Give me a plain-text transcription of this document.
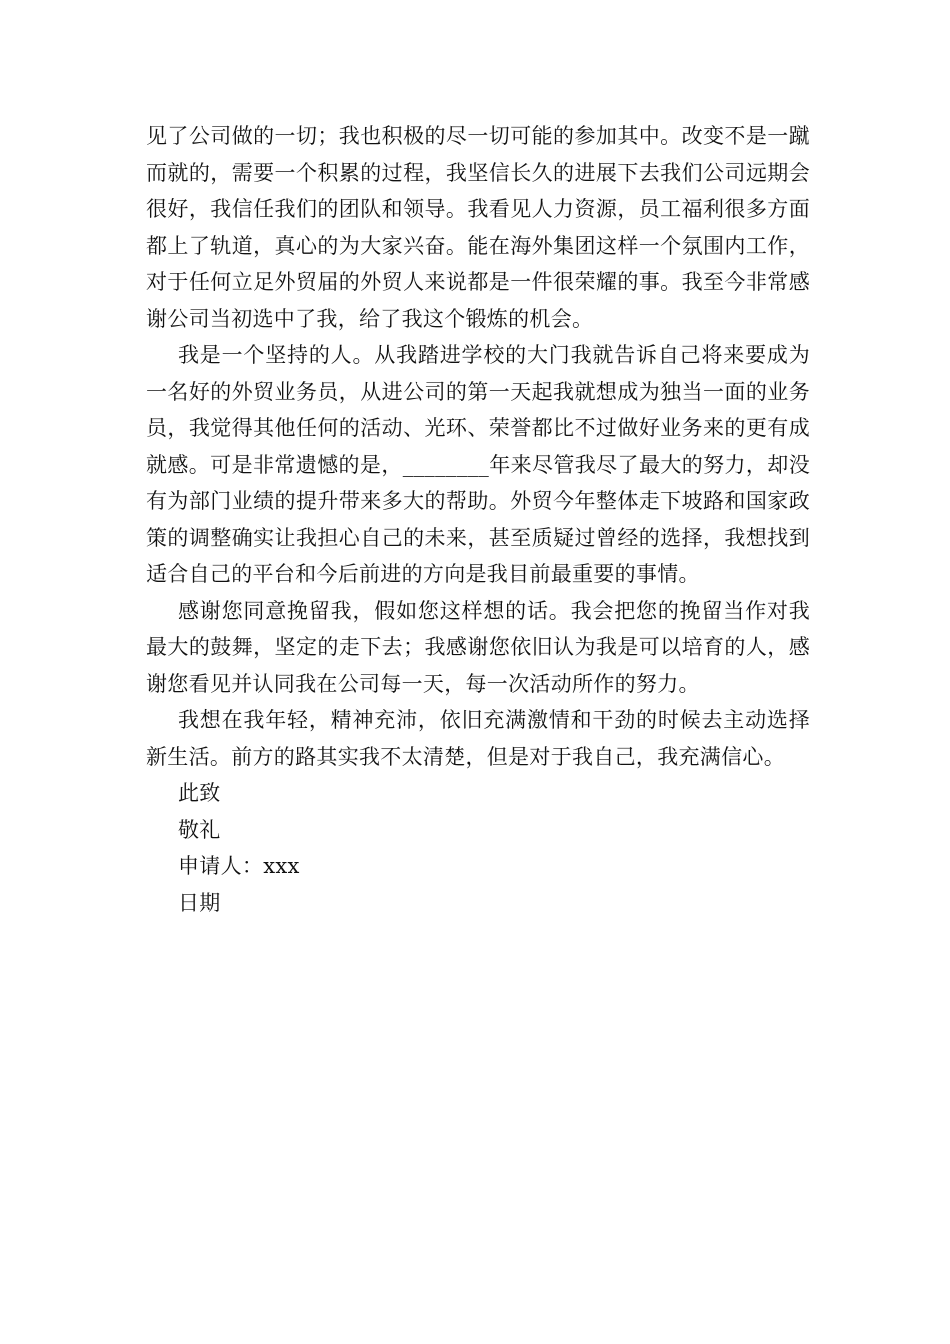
见了公司做的一切；我也积极的尽一切可能的参加其中。改变不是一蹴而就的，需要一个积累的过程，我坚信长久的进展下去我们公司远期会很好，我信任我们的团队和领导。我看见人力资源，员工福利很多方面都上了轨道，真心的为大家兴奋。能在海外集团这样一个氛围内工作，对于任何立足外贸届的外贸人来说都是一件很荣耀的事。我至今非常感谢公司当初选中了我，给了我这个锻炼的机会。

我是一个坚持的人。从我踏进学校的大门我就告诉自己将来要成为一名好的外贸业务员，从进公司的第一天起我就想成为独当一面的业务员，我觉得其他任何的活动、光环、荣誉都比不过做好业务来的更有成就感。可是非常遗憾的是，________年来尽管我尽了最大的努力，却没有为部门业绩的提升带来多大的帮助。外贸今年整体走下坡路和国家政策的调整确实让我担心自己的未来，甚至质疑过曾经的选择，我想找到适合自己的平台和今后前进的方向是我目前最重要的事情。

感谢您同意挽留我，假如您这样想的话。我会把您的挽留当作对我最大的鼓舞，坚定的走下去；我感谢您依旧认为我是可以培育的人，感谢您看见并认同我在公司每一天，每一次活动所作的努力。

我想在我年轻，精神充沛，依旧充满激情和干劲的时候去主动选择新生活。前方的路其实我不太清楚，但是对于我自己，我充满信心。

此致

敬礼

申请人：xxx

日期
